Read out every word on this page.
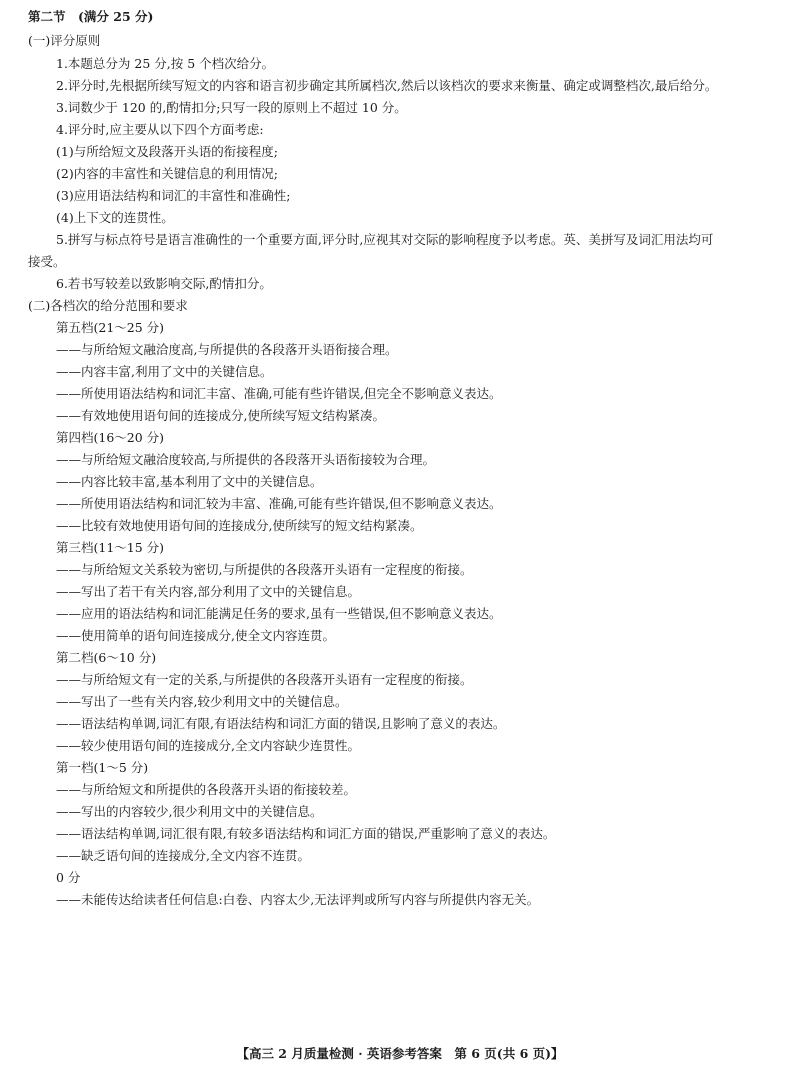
第二节　(满分 25 分)
(一)评分原则
1.本题总分为 25 分,按 5 个档次给分。
2.评分时,先根据所续写短文的内容和语言初步确定其所属档次,然后以该档次的要求来衡量、确定或调整档次,最后给分。
3.词数少于 120 的,酌情扣分;只写一段的原则上不超过 10 分。
4.评分时,应主要从以下四个方面考虑:
(1)与所给短文及段落开头语的衔接程度;
(2)内容的丰富性和关键信息的利用情况;
(3)应用语法结构和词汇的丰富性和准确性;
(4)上下文的连贯性。
5.拼写与标点符号是语言准确性的一个重要方面,评分时,应视其对交际的影响程度予以考虑。英、美拼写及词汇用法均可
接受。
6.若书写较差以致影响交际,酌情扣分。
(二)各档次的给分范围和要求
第五档(21～25 分)
——与所给短文融洽度高,与所提供的各段落开头语衔接合理。
——内容丰富,利用了文中的关键信息。
——所使用语法结构和词汇丰富、准确,可能有些许错误,但完全不影响意义表达。
——有效地使用语句间的连接成分,使所续写短文结构紧凑。
第四档(16～20 分)
——与所给短文融洽度较高,与所提供的各段落开头语衔接较为合理。
——内容比较丰富,基本利用了文中的关键信息。
——所使用语法结构和词汇较为丰富、准确,可能有些许错误,但不影响意义表达。
——比较有效地使用语句间的连接成分,使所续写的短文结构紧凑。
第三档(11～15 分)
——与所给短文关系较为密切,与所提供的各段落开头语有一定程度的衔接。
——写出了若干有关内容,部分利用了文中的关键信息。
——应用的语法结构和词汇能满足任务的要求,虽有一些错误,但不影响意义表达。
——使用简单的语句间连接成分,使全文内容连贯。
第二档(6～10 分)
——与所给短文有一定的关系,与所提供的各段落开头语有一定程度的衔接。
——写出了一些有关内容,较少利用文中的关键信息。
——语法结构单调,词汇有限,有语法结构和词汇方面的错误,且影响了意义的表达。
——较少使用语句间的连接成分,全文内容缺少连贯性。
第一档(1～5 分)
——与所给短文和所提供的各段落开头语的衔接较差。
——写出的内容较少,很少利用文中的关键信息。
——语法结构单调,词汇很有限,有较多语法结构和词汇方面的错误,严重影响了意义的表达。
——缺乏语句间的连接成分,全文内容不连贯。
0 分
——未能传达给读者任何信息:白卷、内容太少,无法评判或所写内容与所提供内容无关。
【高三 2 月质量检测 · 英语参考答案　第 6 页(共 6 页)】
